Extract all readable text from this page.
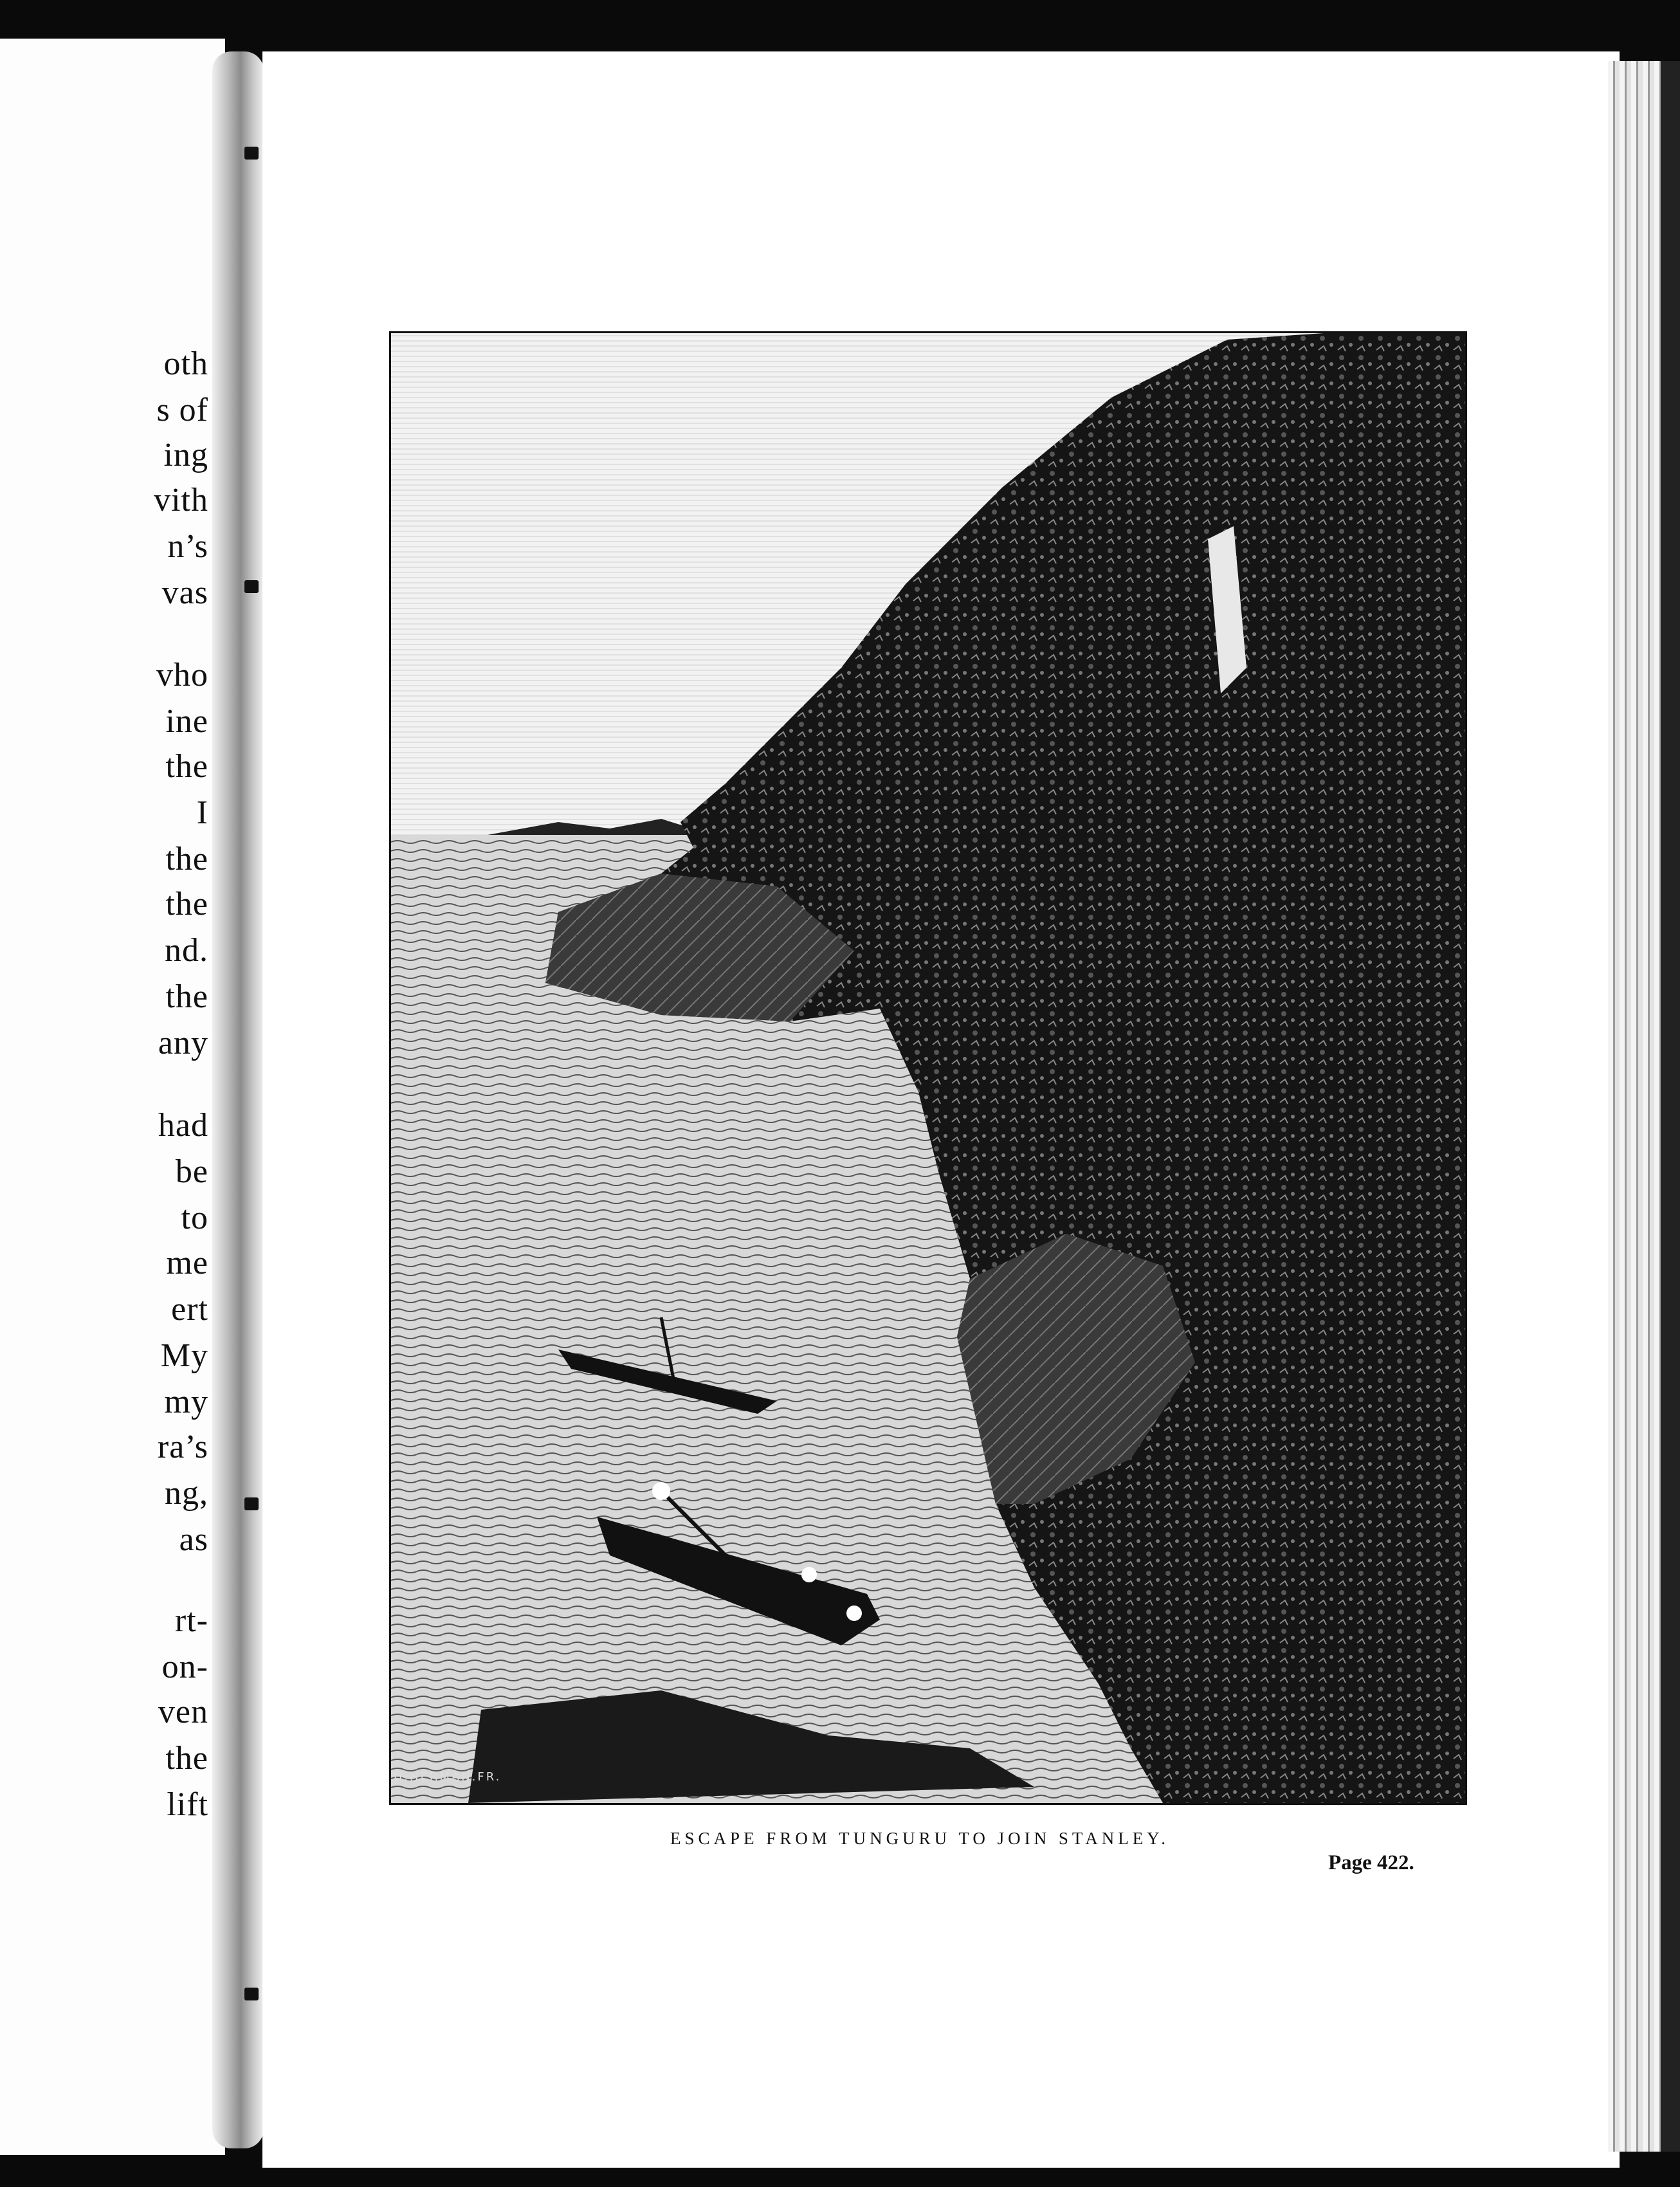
oth
s of
ing
vith
n’s
vas
vho
ine
the
I
the
the
nd.
the
any
had
be
to
me
ert
My
my
ra’s
ng,
as
rt-
on-
ven
the
lift
H.HERMAN.FR.
ESCAPE FROM TUNGURU TO JOIN STANLEY.
Page 422.
